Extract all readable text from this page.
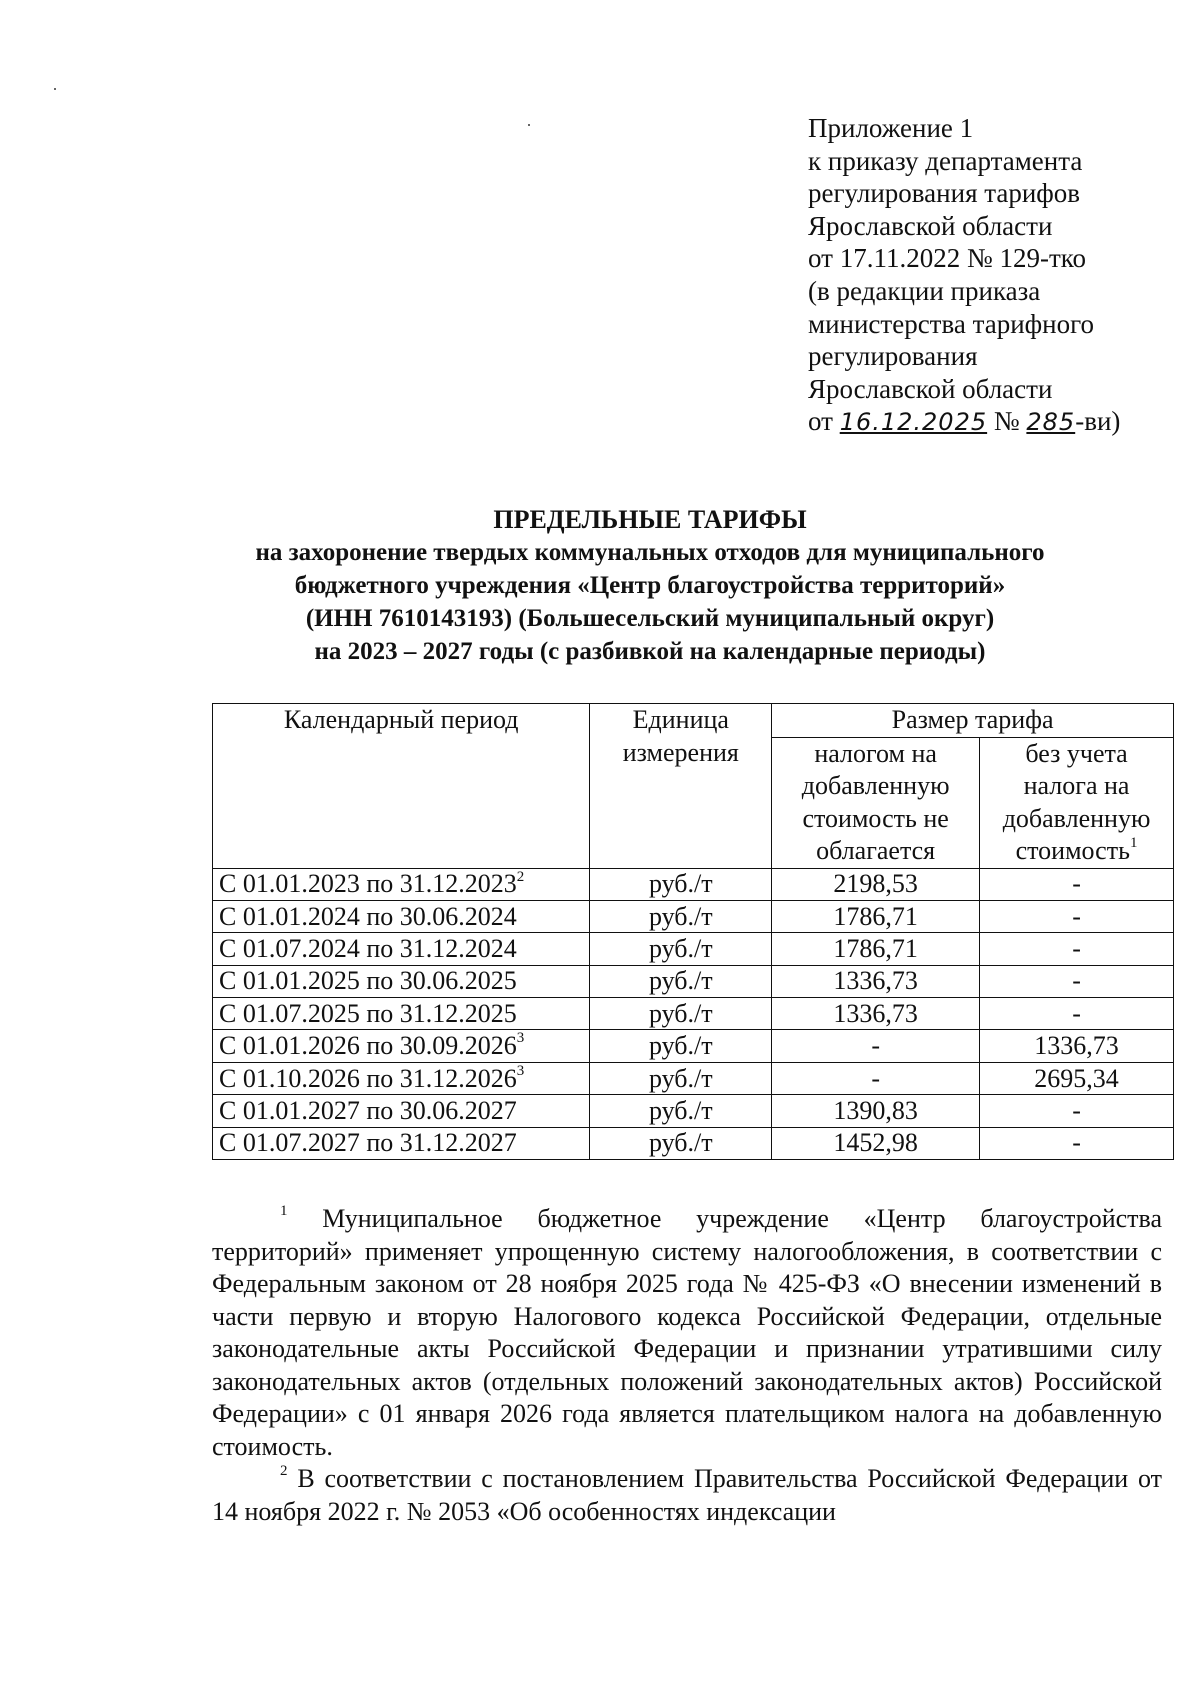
Приложение 1
к приказу департамента
регулирования тарифов
Ярославской области
от 17.11.2022 № 129-тко
(в редакции приказа
министерства тарифного
регулирования
Ярославской области
от 16.12.2025 № 285-ви)
ПРЕДЕЛЬНЫЕ ТАРИФЫ
на захоронение твердых коммунальных отходов для муниципального
бюджетного учреждения «Центр благоустройства территорий»
(ИНН 7610143193) (Большесельский муниципальный округ)
на 2023 – 2027 годы (с разбивкой на календарные периоды)
Календарный период	Единица измерения	Размер тарифа	
		налогом на добавленную стоимость не облагается	без учета налога на добавленную стоимость$^1$
С 01.01.2023 по 31.12.2023$^2$	руб./т	2198,53	-
С 01.01.2024 по 30.06.2024	руб./т	1786,71	-
С 01.07.2024 по 31.12.2024	руб./т	1786,71	-
С 01.01.2025 по 30.06.2025	руб./т	1336,73	-
С 01.07.2025 по 31.12.2025	руб./т	1336,73	-
С 01.01.2026 по 30.09.2026$^3$	руб./т	-	1336,73
С 01.10.2026 по 31.12.2026$^3$	руб./т	-	2695,34
С 01.01.2027 по 30.06.2027	руб./т	1390,83	-
С 01.07.2027 по 31.12.2027	руб./т	1452,98	-

$^1$ Муниципальное бюджетное учреждение «Центр благоустройства территорий» применяет упрощенную систему налогообложения, в соответствии с Федеральным законом от 28 ноября 2025 года № 425-ФЗ «О внесении изменений в части первую и вторую Налогового кодекса Российской Федерации, отдельные законодательные акты Российской Федерации и признании утратившими силу законодательных актов (отдельных положений законодательных актов) Российской Федерации» с 01 января 2026 года является плательщиком налога на добавленную стоимость.

$^2$ В соответствии с постановлением Правительства Российской Федерации от 14 ноября 2022 г. № 2053 «Об особенностях индексации
